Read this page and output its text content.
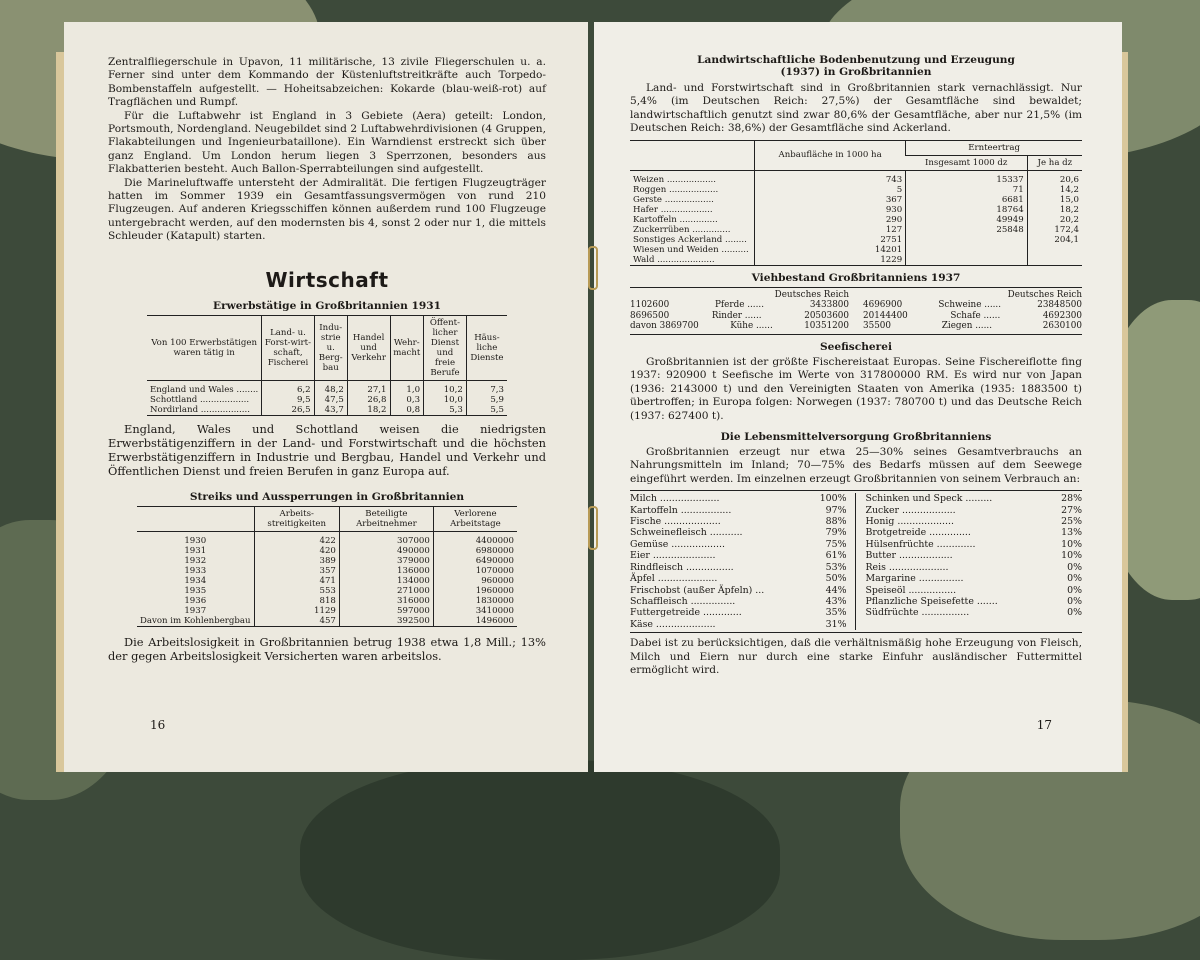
Zentralfliegerschule in Upavon, 11 militärische, 13 zivile Fliegerschulen u. a. Ferner sind unter dem Kommando der Küstenluftstreitkräfte auch Torpedo-Bombenstaffeln aufgestellt. — Hoheitsabzeichen: Kokarde (blau-weiß-rot) auf Tragflächen und Rumpf.

Für die Luftabwehr ist England in 3 Gebiete (Aera) geteilt: London, Portsmouth, Nordengland. Neugebildet sind 2 Luftabwehrdivisionen (4 Gruppen, Flakabteilungen und Ingenieurbataillone). Ein Warndienst erstreckt sich über ganz England. Um London herum liegen 3 Sperrzonen, besonders aus Flakbatterien besteht. Auch Ballon-Sperrabteilungen sind aufgestellt.

Die Marineluftwaffe untersteht der Admiralität. Die fertigen Flugzeugträger hatten im Sommer 1939 ein Gesamtfassungsvermögen von rund 210 Flugzeugen. Auf anderen Kriegsschiffen können außerdem rund 100 Flugzeuge untergebracht werden, auf den modernsten bis 4, sonst 2 oder nur 1, die mittels Schleuder (Katapult) starten.

Wirtschaft
Erwerbstätige in Großbritannien 1931
Von 100 Erwerbstätigen waren tätig in	Land- u. Forst-wirt-schaft, Fischerei	Indu-strie u. Berg-bau	Handel und Verkehr	Wehr-macht	Öffent-licher Dienst und freie Berufe	Häus-liche Dienste
England und Wales ........	6,2	48,2	27,1	1,0	10,2	7,3
Schottland ..................	9,5	47,5	26,8	0,3	10,0	5,9
Nordirland ..................	26,5	43,7	18,2	0,8	5,3	5,5

England, Wales und Schottland weisen die niedrigsten Erwerbstätigenziffern in der Land- und Forstwirtschaft und die höchsten Erwerbstätigenziffern in Industrie und Bergbau, Handel und Verkehr und Öffentlichen Dienst und freien Berufen in ganz Europa auf.

Streiks und Aussperrungen in Großbritannien
	Arbeits-streitigkeiten	Beteiligte Arbeitnehmer	Verlorene Arbeitstage
1930	422	307000	4400000
1931	420	490000	6980000
1932	389	379000	6490000
1933	357	136000	1070000
1934	471	134000	960000
1935	553	271000	1960000
1936	818	316000	1830000
1937	1129	597000	3410000
Davon im Kohlenbergbau	457	392500	1496000

Die Arbeitslosigkeit in Großbritannien betrug 1938 etwa 1,8 Mill.; 13% der gegen Arbeitslosigkeit Versicherten waren arbeitslos.

16
Landwirtschaftliche Bodenbenutzung und Erzeugung (1937) in Großbritannien

Land- und Forstwirtschaft sind in Großbritannien stark vernachlässigt. Nur 5,4% (im Deutschen Reich: 27,5%) der Gesamtfläche sind bewaldet; landwirtschaftlich genutzt sind zwar 80,6% der Gesamtfläche, aber nur 21,5% (im Deutschen Reich: 38,6%) der Gesamtfläche sind Ackerland.

	Anbaufläche in 1000 ha	Ernteertrag	
		Insgesamt 1000 dz	Je ha dz
Weizen ..................	743	15337	20,6
Roggen ..................	5	71	14,2
Gerste ..................	367	6681	15,0
Hafer ...................	930	18764	18,2
Kartoffeln ..............	290	49949	20,2
Zuckerrüben ..............	127	25848	172,4
Sonstiges Ackerland ........	2751		204,1
Wiesen und Weiden ..........	14201		
Wald .....................	1229		
Viehbestand Großbritanniens 1937
Deutsches Reich
1102600	Pferde ......	3433800
8696500	Rinder ......	20503600
davon 3869700	Kühe ......	10351200
Deutsches Reich
4696900	Schweine ......	23848500
20144400	Schafe ......	4692300
35500	Ziegen ......	2630100
Seefischerei

Großbritannien ist der größte Fischereistaat Europas. Seine Fischereiflotte fing 1937: 920900 t Seefische im Werte von 317800000 RM. Es wird nur von Japan (1936: 2143000 t) und den Vereinigten Staaten von Amerika (1935: 1883500 t) übertroffen; in Europa folgen: Norwegen (1937: 780700 t) und das Deutsche Reich (1937: 627400 t).

Die Lebensmittelversorgung Großbritanniens

Großbritannien erzeugt nur etwa 25—30% seines Gesamtverbrauchs an Nahrungsmitteln im Inland; 70—75% des Bedarfs müssen auf dem Seewege eingeführt werden. Im einzelnen erzeugt Großbritannien von seinem Verbrauch an:

Milch ....................	100%
Kartoffeln .................	97%
Fische ...................	88%
Schweinefleisch ...........	79%
Gemüse ..................	75%
Eier .....................	61%
Rindfleisch ................	53%
Äpfel ....................	50%
Frischobst (außer Äpfeln) ...	44%
Schaffleisch ...............	43%
Futtergetreide .............	35%
Käse ....................	31%
Schinken und Speck .........	28%
Zucker ..................	27%
Honig ...................	25%
Brotgetreide ..............	13%
Hülsenfrüchte .............	10%
Butter ..................	10%
Reis ....................	0%
Margarine ...............	0%
Speiseöl ................	0%
Pflanzliche Speisefette .......	0%
Südfrüchte ................	0%

Dabei ist zu berücksichtigen, daß die verhältnismäßig hohe Erzeugung von Fleisch, Milch und Eiern nur durch eine starke Einfuhr ausländischer Futtermittel ermöglicht wird.

17
